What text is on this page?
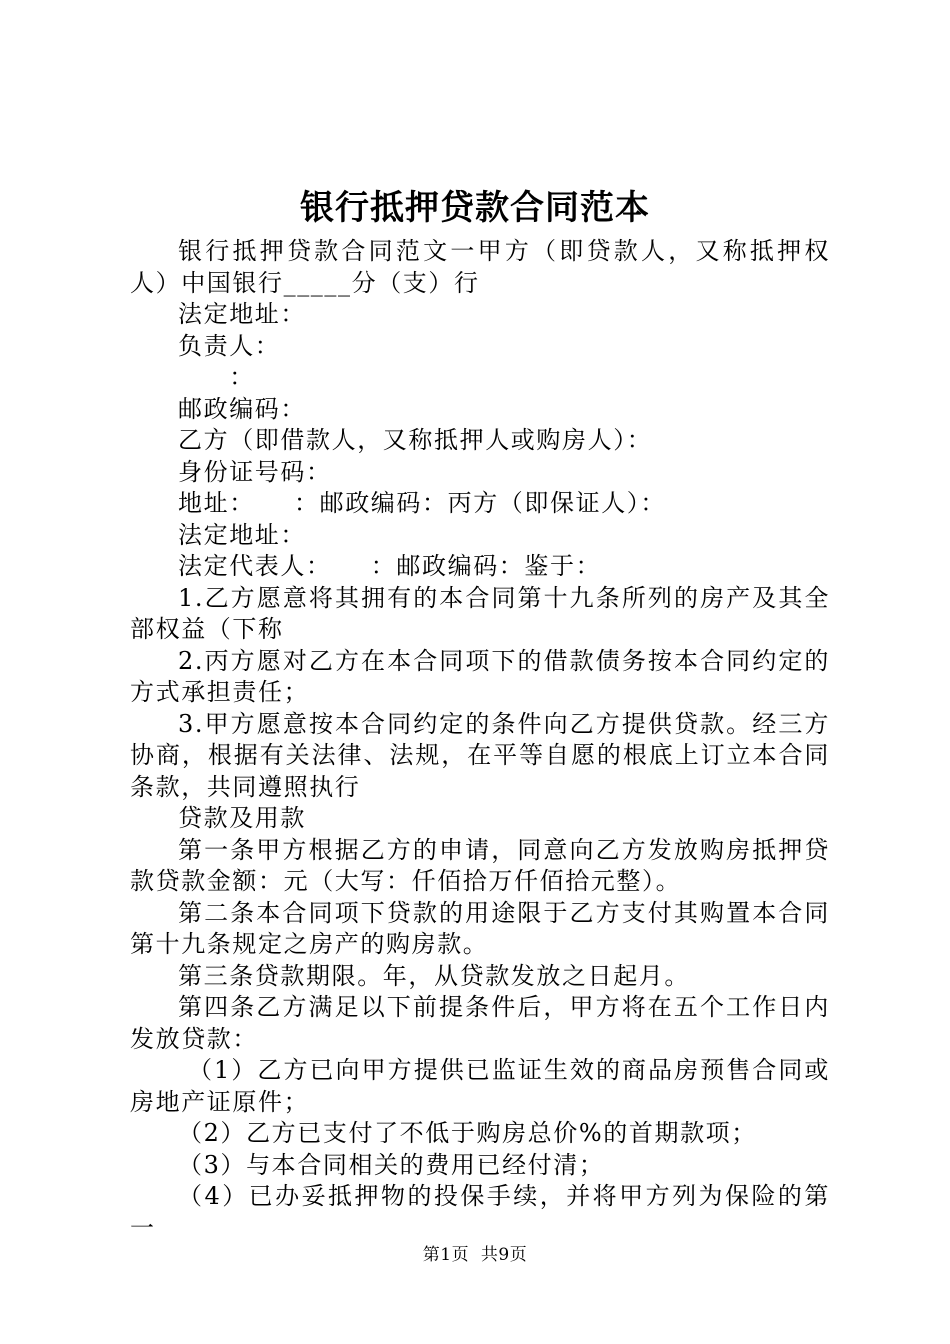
银行抵押贷款合同范本

银行抵押贷款合同范文一甲方（即贷款人，又称抵押权人）中国银行_____分（支）行

法定地址：

负责人：

　　：

邮政编码：

乙方（即借款人，又称抵押人或购房人）：

身份证号码：

地址：　　：邮政编码：丙方（即保证人）：

法定地址：

法定代表人：　　：邮政编码：鉴于：

1.乙方愿意将其拥有的本合同第十九条所列的房产及其全部权益（下称

2.丙方愿对乙方在本合同项下的借款债务按本合同约定的方式承担责任；

3.甲方愿意按本合同约定的条件向乙方提供贷款。经三方协商，根据有关法律、法规，在平等自愿的根底上订立本合同条款，共同遵照执行

贷款及用款

第一条甲方根据乙方的申请，同意向乙方发放购房抵押贷款贷款金额：元（大写：仟佰拾万仟佰拾元整）。

第二条本合同项下贷款的用途限于乙方支付其购置本合同第十九条规定之房产的购房款。

第三条贷款期限。年，从贷款发放之日起月。

第四条乙方满足以下前提条件后，甲方将在五个工作日内发放贷款：

（1）乙方已向甲方提供已监证生效的商品房预售合同或房地产证原件；

（2）乙方已支付了不低于购房总价%的首期款项；

（3）与本合同相关的费用已经付清；

（4）已办妥抵押物的投保手续，并将甲方列为保险的第一

第1页 共9页
